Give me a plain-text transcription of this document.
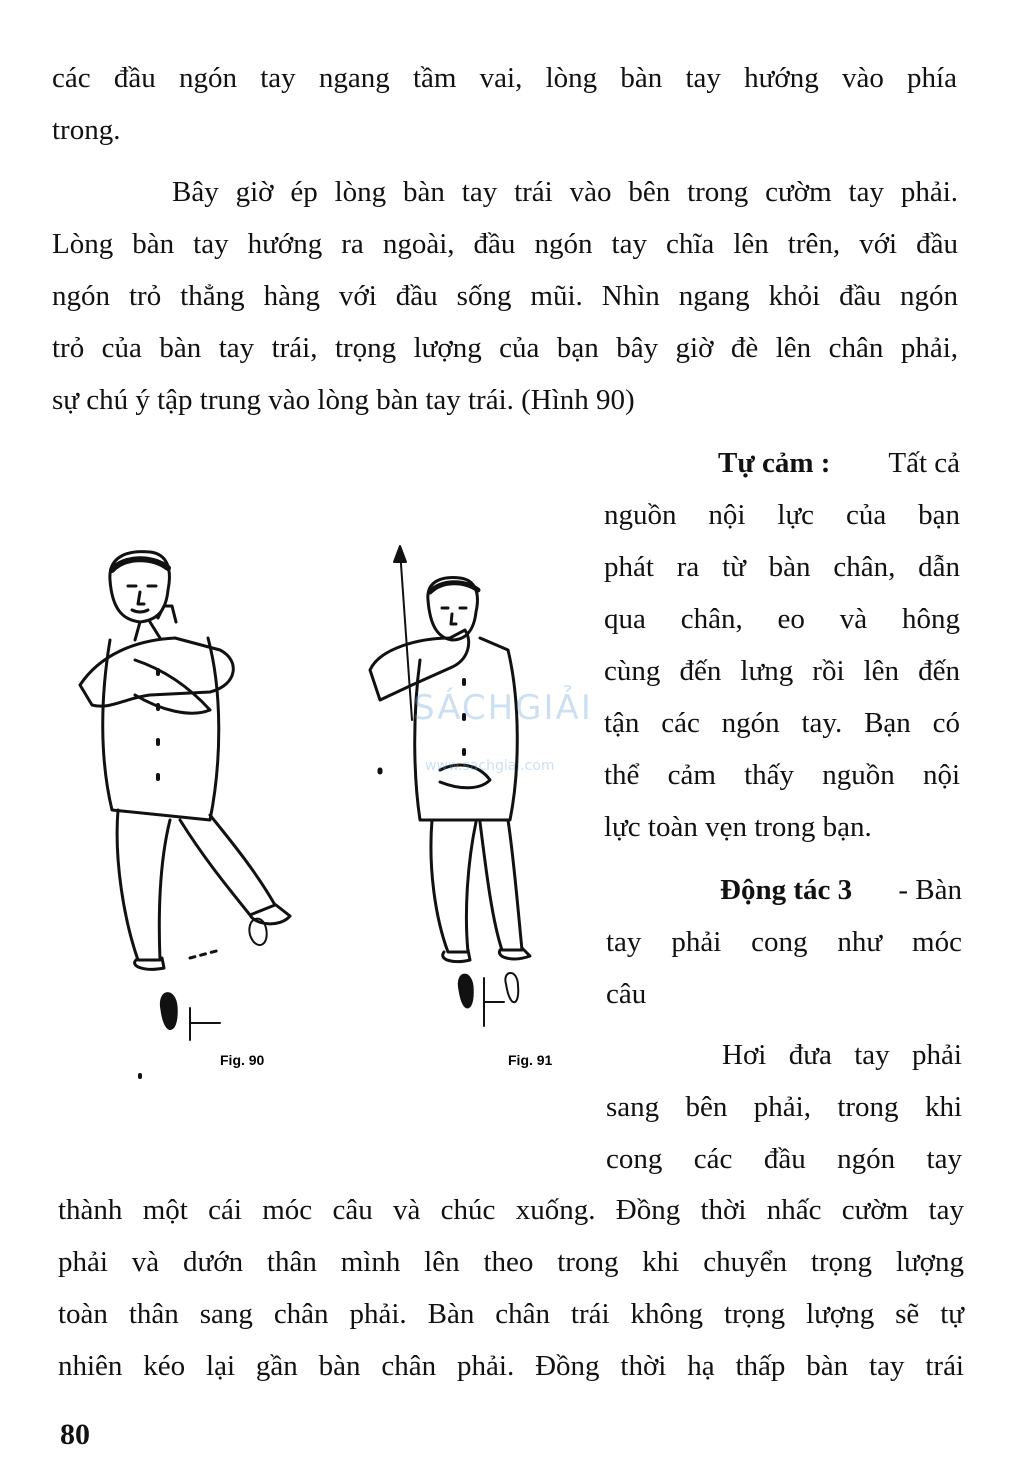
các đầu ngón tay ngang tầm vai, lòng bàn tay hướng vào phía
trong.
Bây giờ ép lòng bàn tay trái vào bên trong cườm tay phải.
Lòng bàn tay hướng ra ngoài, đầu ngón tay chĩa lên trên, với đầu
ngón trỏ thẳng hàng với đầu sống mũi. Nhìn ngang khỏi đầu ngón
trỏ của bàn tay trái, trọng lượng của bạn bây giờ đè lên chân phải,
sự chú ý tập trung vào lòng bàn tay trái. (Hình 90)
Tự cảm : Tất cả
nguồn nội lực của bạn
phát ra từ bàn chân, dẫn
qua chân, eo và hông
cùng đến lưng rồi lên đến
tận các ngón tay. Bạn có
thể cảm thấy nguồn nội
lực toàn vẹn trong bạn.
Động tác 3 - Bàn
tay phải cong như móc
câu
Hơi đưa tay phải
sang bên phải, trong khi
cong các đầu ngón tay
thành một cái móc câu và chúc xuống. Đồng thời nhấc cườm tay
phải và dướn thân mình lên theo trong khi chuyển trọng lượng
toàn thân sang chân phải. Bàn chân trái không trọng lượng sẽ tự
nhiên kéo lại gần bàn chân phải. Đồng thời hạ thấp bàn tay trái
Fig. 90	Fig. 91
SÁCHGIẢI
www.sachgiai.com
80
